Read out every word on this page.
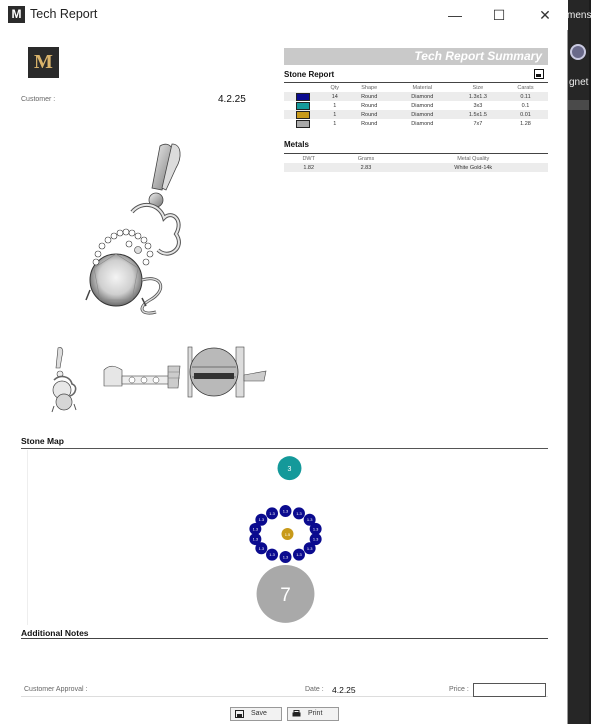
M Tech Report	—	☐	✕
M
Customer :	4.2.25
Tech Report Summary
Stone Report
	Qty	Shape	Material	Size	Carats
	14	Round	Diamond	1.3x1.3	0.11
	1	Round	Diamond	3x3	0.1
	1	Round	Diamond	1.5x1.5	0.01
	1	Round	Diamond	7x7	1.28
Metals
DWT	Grams	Metal Quality
1.82	2.83	White Gold-14k
Stone Map
3
1.3 1.3
1.3
1.3
1.3
1.3
1.3
1.3
1.3
1.3
1.3
1.3
1.3
1.3
1.5
7
Additional Notes
Customer Approval :	Date : 4.2.25	Price :
Save	Print
mens
gnet
